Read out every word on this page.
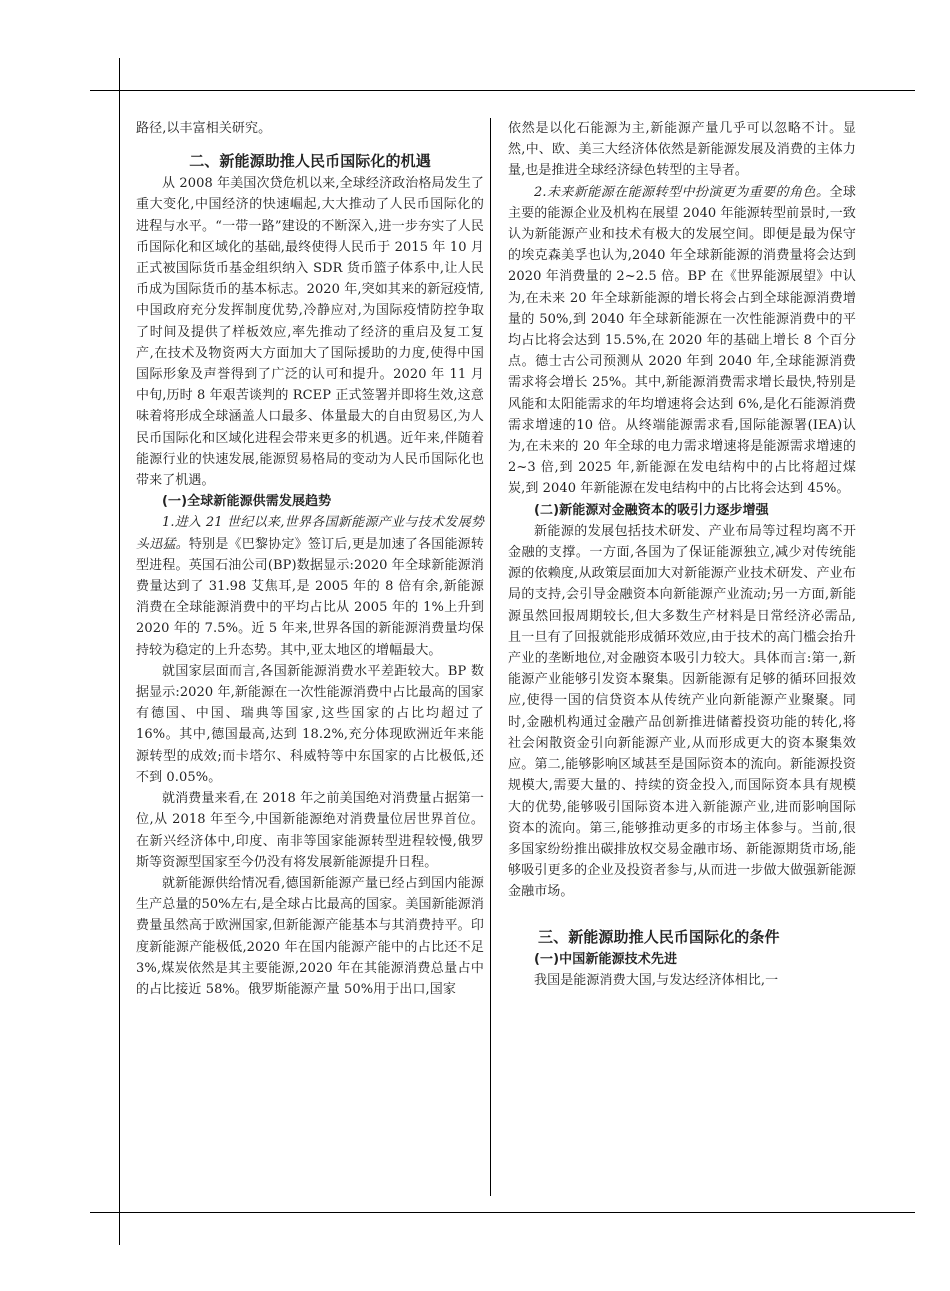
路径,以丰富相关研究。

二、新能源助推人民币国际化的机遇

从 2008 年美国次贷危机以来,全球经济政治格局发生了重大变化,中国经济的快速崛起,大大推动了人民币国际化的进程与水平。“一带一路”建设的不断深入,进一步夯实了人民币国际化和区域化的基础,最终使得人民币于 2015 年 10 月正式被国际货币基金组织纳入 SDR 货币篮子体系中,让人民币成为国际货币的基本标志。2020 年,突如其来的新冠疫情,中国政府充分发挥制度优势,冷静应对,为国际疫情防控争取了时间及提供了样板效应,率先推动了经济的重启及复工复产,在技术及物资两大方面加大了国际援助的力度,使得中国国际形象及声誉得到了广泛的认可和提升。2020 年 11 月中旬,历时 8 年艰苦谈判的 RCEP 正式签署并即将生效,这意味着将形成全球涵盖人口最多、体量最大的自由贸易区,为人民币国际化和区域化进程会带来更多的机遇。近年来,伴随着能源行业的快速发展,能源贸易格局的变动为人民币国际化也带来了机遇。

(一)全球新能源供需发展趋势

1.进入 21 世纪以来,世界各国新能源产业与技术发展势头迅猛。特别是《巴黎协定》签订后,更是加速了各国能源转型进程。英国石油公司(BP)数据显示:2020 年全球新能源消费量达到了 31.98 艾焦耳,是 2005 年的 8 倍有余,新能源消费在全球能源消费中的平均占比从 2005 年的 1%上升到 2020 年的 7.5%。近 5 年来,世界各国的新能源消费量均保持较为稳定的上升态势。其中,亚太地区的增幅最大。

就国家层面而言,各国新能源消费水平差距较大。BP 数据显示:2020 年,新能源在一次性能源消费中占比最高的国家有德国、中国、瑞典等国家,这些国家的占比均超过了 16%。其中,德国最高,达到 18.2%,充分体现欧洲近年来能源转型的成效;而卡塔尔、科威特等中东国家的占比极低,还不到 0.05%。

就消费量来看,在 2018 年之前美国绝对消费量占据第一位,从 2018 年至今,中国新能源绝对消费量位居世界首位。在新兴经济体中,印度、南非等国家能源转型进程较慢,俄罗斯等资源型国家至今仍没有将发展新能源提升日程。

就新能源供给情况看,德国新能源产量已经占到国内能源生产总量的50%左右,是全球占比最高的国家。美国新能源消费量虽然高于欧洲国家,但新能源产能基本与其消费持平。印度新能源产能极低,2020 年在国内能源产能中的占比还不足 3%,煤炭依然是其主要能源,2020 年在其能源消费总量占中的占比接近 58%。俄罗斯能源产量 50%用于出口,国家

依然是以化石能源为主,新能源产量几乎可以忽略不计。显然,中、欧、美三大经济体依然是新能源发展及消费的主体力量,也是推进全球经济绿色转型的主导者。

2.未来新能源在能源转型中扮演更为重要的角色。全球主要的能源企业及机构在展望 2040 年能源转型前景时,一致认为新能源产业和技术有极大的发展空间。即便是最为保守的埃克森美孚也认为,2040 年全球新能源的消费量将会达到 2020 年消费量的 2~2.5 倍。BP 在《世界能源展望》中认为,在未来 20 年全球新能源的增长将会占到全球能源消费增量的 50%,到 2040 年全球新能源在一次性能源消费中的平均占比将会达到 15.5%,在 2020 年的基础上增长 8 个百分点。德士古公司预测从 2020 年到 2040 年,全球能源消费需求将会增长 25%。其中,新能源消费需求增长最快,特别是风能和太阳能需求的年均增速将会达到 6%,是化石能源消费需求增速的10 倍。从终端能源需求看,国际能源署(IEA)认为,在未来的 20 年全球的电力需求增速将是能源需求增速的 2~3 倍,到 2025 年,新能源在发电结构中的占比将超过煤炭,到 2040 年新能源在发电结构中的占比将会达到 45%。

(二)新能源对金融资本的吸引力逐步增强

新能源的发展包括技术研发、产业布局等过程均离不开金融的支撑。一方面,各国为了保证能源独立,减少对传统能源的依赖度,从政策层面加大对新能源产业技术研发、产业布局的支持,会引导金融资本向新能源产业流动;另一方面,新能源虽然回报周期较长,但大多数生产材料是日常经济必需品,且一旦有了回报就能形成循环效应,由于技术的高门槛会抬升产业的垄断地位,对金融资本吸引力较大。具体而言:第一,新能源产业能够引发资本聚集。因新能源有足够的循环回报效应,使得一国的信贷资本从传统产业向新能源产业聚聚。同时,金融机构通过金融产品创新推进储蓄投资功能的转化,将社会闲散资金引向新能源产业,从而形成更大的资本聚集效应。第二,能够影响区域甚至是国际资本的流向。新能源投资规模大,需要大量的、持续的资金投入,而国际资本具有规模大的优势,能够吸引国际资本进入新能源产业,进而影响国际资本的流向。第三,能够推动更多的市场主体参与。当前,很多国家纷纷推出碳排放权交易金融市场、新能源期货市场,能够吸引更多的企业及投资者参与,从而进一步做大做强新能源金融市场。

三、新能源助推人民币国际化的条件
(一)中国新能源技术先进

我国是能源消费大国,与发达经济体相比,一
